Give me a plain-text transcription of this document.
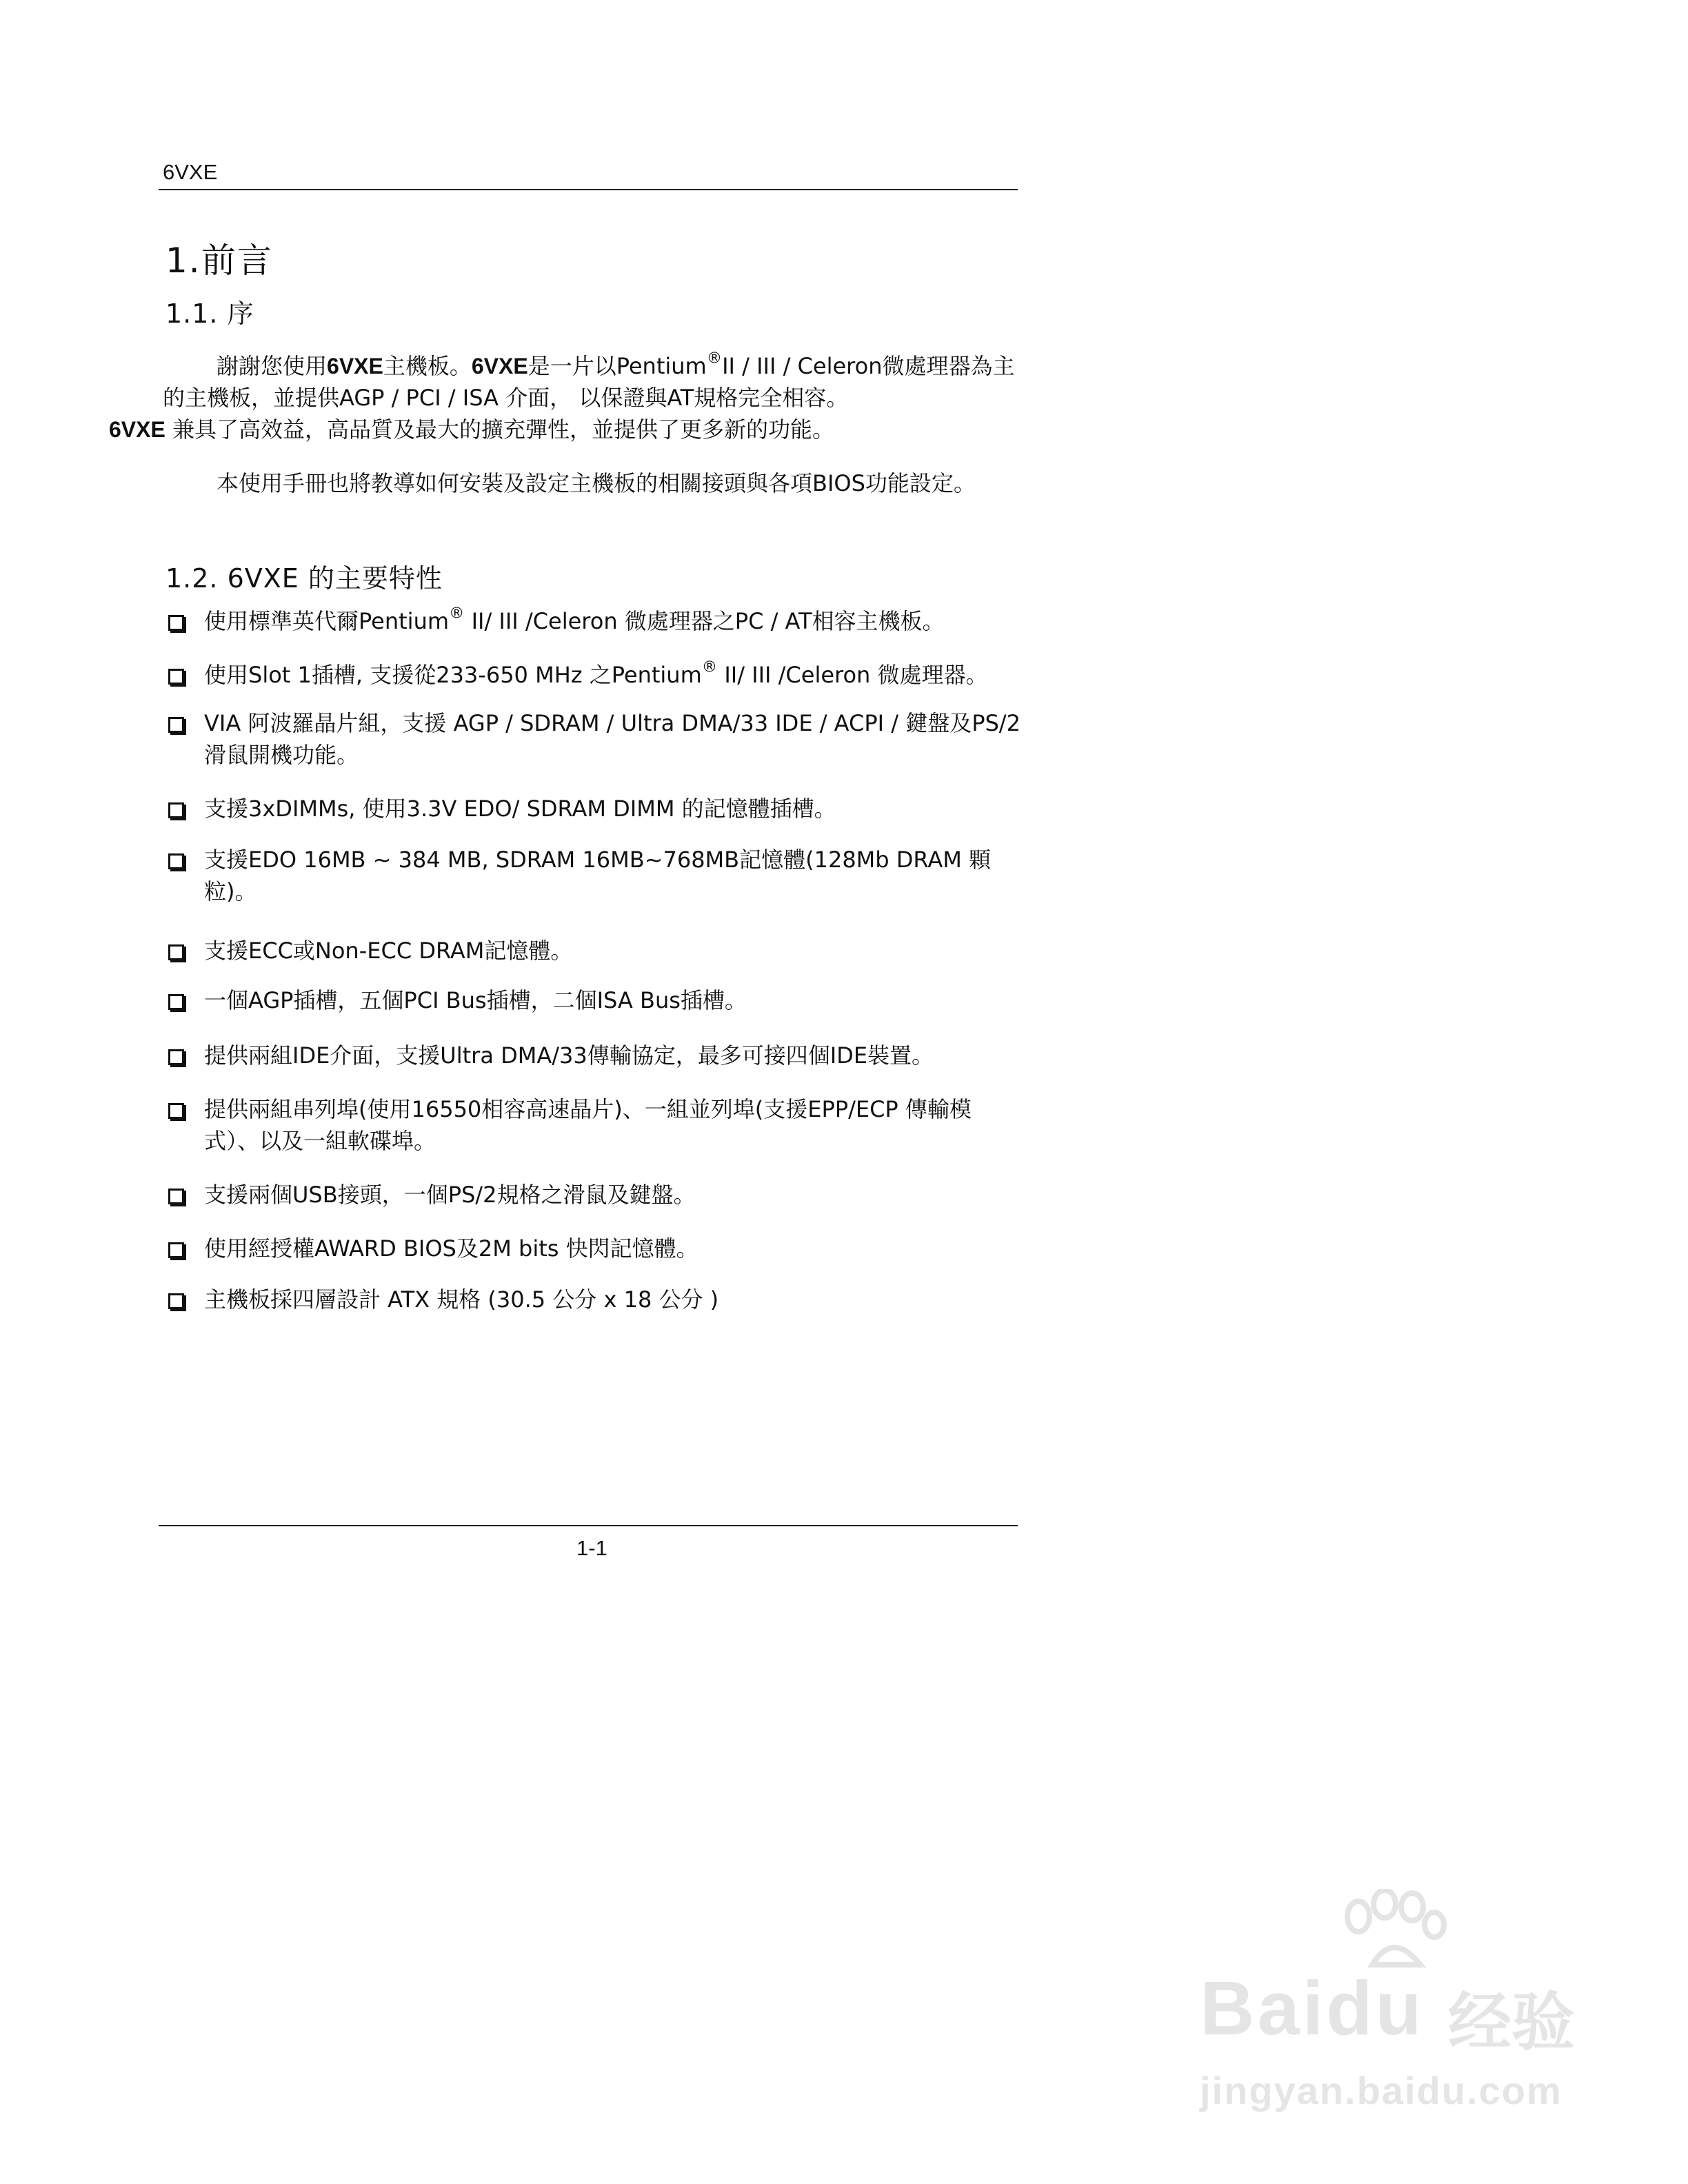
6VXE
1.前言
1.1. 序
謝謝您使用6VXE主機板。6VXE是一片以Pentium®II / III / Celeron微處理器為主的主機板，並提供AGP / PCI / ISA 介面， 以保證與AT規格完全相容。
6VXE 兼具了高效益，高品質及最大的擴充彈性，並提供了更多新的功能。
本使用手冊也將教導如何安裝及設定主機板的相關接頭與各項BIOS功能設定。
1.2. 6VXE 的主要特性
使用標準英代爾Pentium® II/ III /Celeron 微處理器之PC / AT相容主機板。
使用Slot 1插槽, 支援從233-650 MHz 之Pentium® II/ III /Celeron 微處理器。
VIA 阿波羅晶片組，支援 AGP / SDRAM / Ultra DMA/33 IDE / ACPI / 鍵盤及PS/2 滑鼠開機功能。
支援3xDIMMs, 使用3.3V EDO/ SDRAM DIMM 的記憶體插槽。
支援EDO 16MB ~ 384 MB, SDRAM 16MB~768MB記憶體(128Mb DRAM 顆粒)。
支援ECC或Non-ECC DRAM記憶體。
一個AGP插槽，五個PCI Bus插槽，二個ISA Bus插槽。
提供兩組IDE介面，支援Ultra DMA/33傳輸協定，最多可接四個IDE裝置。
提供兩組串列埠(使用16550相容高速晶片)、一組並列埠(支援EPP/ECP 傳輸模式）、以及一組軟碟埠。
支援兩個USB接頭，一個PS/2規格之滑鼠及鍵盤。
使用經授權AWARD BIOS及2M bits 快閃記憶體。
主機板採四層設計 ATX 規格 (30.5 公分 x 18 公分 )
1-1
Baidu 经验
jingyan.baidu.com
